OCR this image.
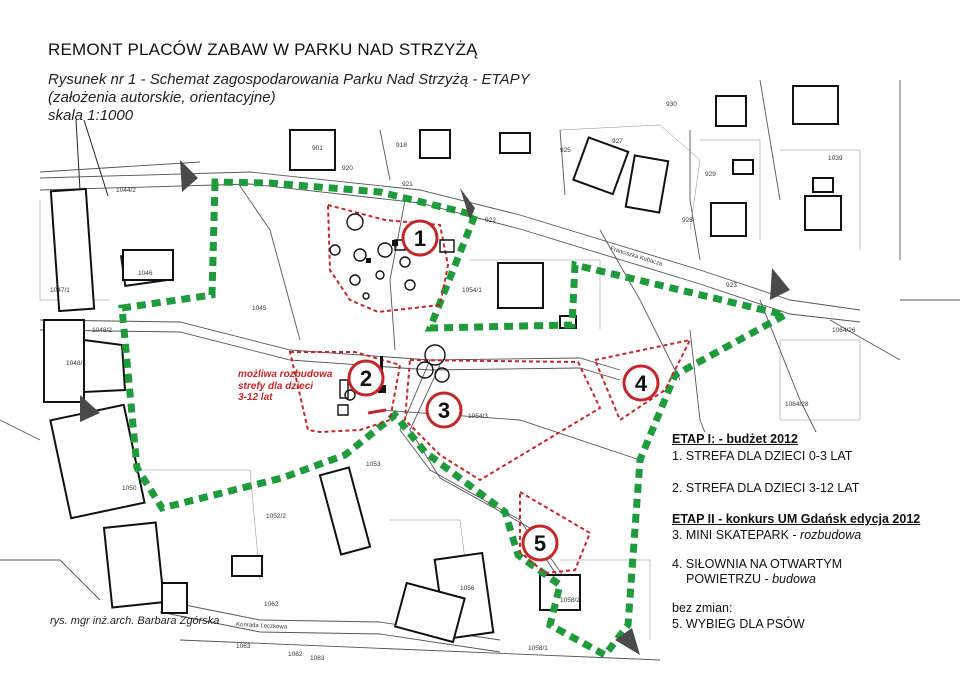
1
2
3
4
5
Franciszka Kubacza
Konrada Leczkowa
1044/2
1045
1046
1047/1
1048/2
1048/1
1050
1052/2
1053
1054/1
1054/3
1056
1058/2
1058/1
1062
1063
1064/28
1064/26
1082
1083
901	918
920
921
922
923
925
927
928
929
930
1039
REMONT PLACÓW ZABAW W PARKU NAD STRZYŻĄ
Rysunek nr 1 - Schemat zagospodarowania Parku Nad Strzyżą - ETAPY
(założenia autorskie, orientacyjne)
skala 1:1000
możliwa rozbudowa
strefy dla dzieci
3-12 lat
rys. mgr inż.arch. Barbara Zgórska
ETAP I: - budżet 2012
1. STREFA DLA DZIECI 0-3 LAT
2. STREFA DLA DZIECI 3-12 LAT
ETAP II - konkurs UM Gdańsk edycja 2012
3. MINI SKATEPARK - rozbudowa
4. SIŁOWNIA NA OTWARTYM
POWIETRZU - budowa
bez zmian:
5. WYBIEG DLA PSÓW
